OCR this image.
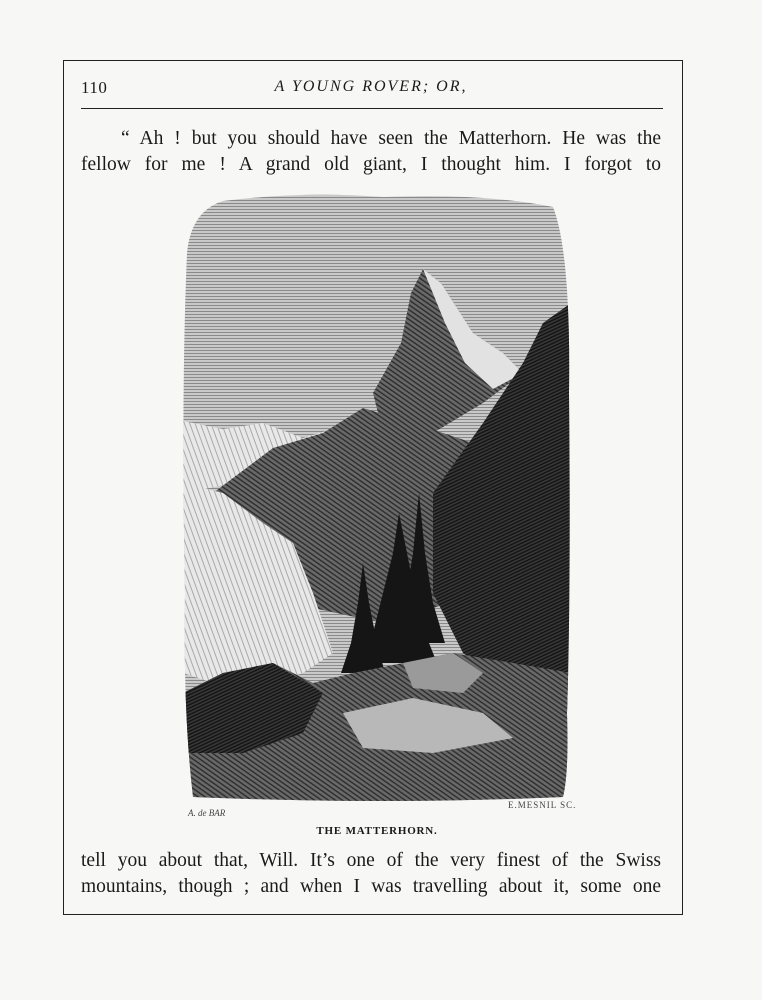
110	A YOUNG ROVER; OR,
“ Ah ! but you should have seen the Matterhorn. He was the
fellow for me ! A grand old giant, I thought him. I forgot to
A. de BAR
E.MESNIL SC.
THE MATTERHORN.
tell you about that, Will. It’s one of the very finest of the Swiss
mountains, though ; and when I was travelling about it, some one
